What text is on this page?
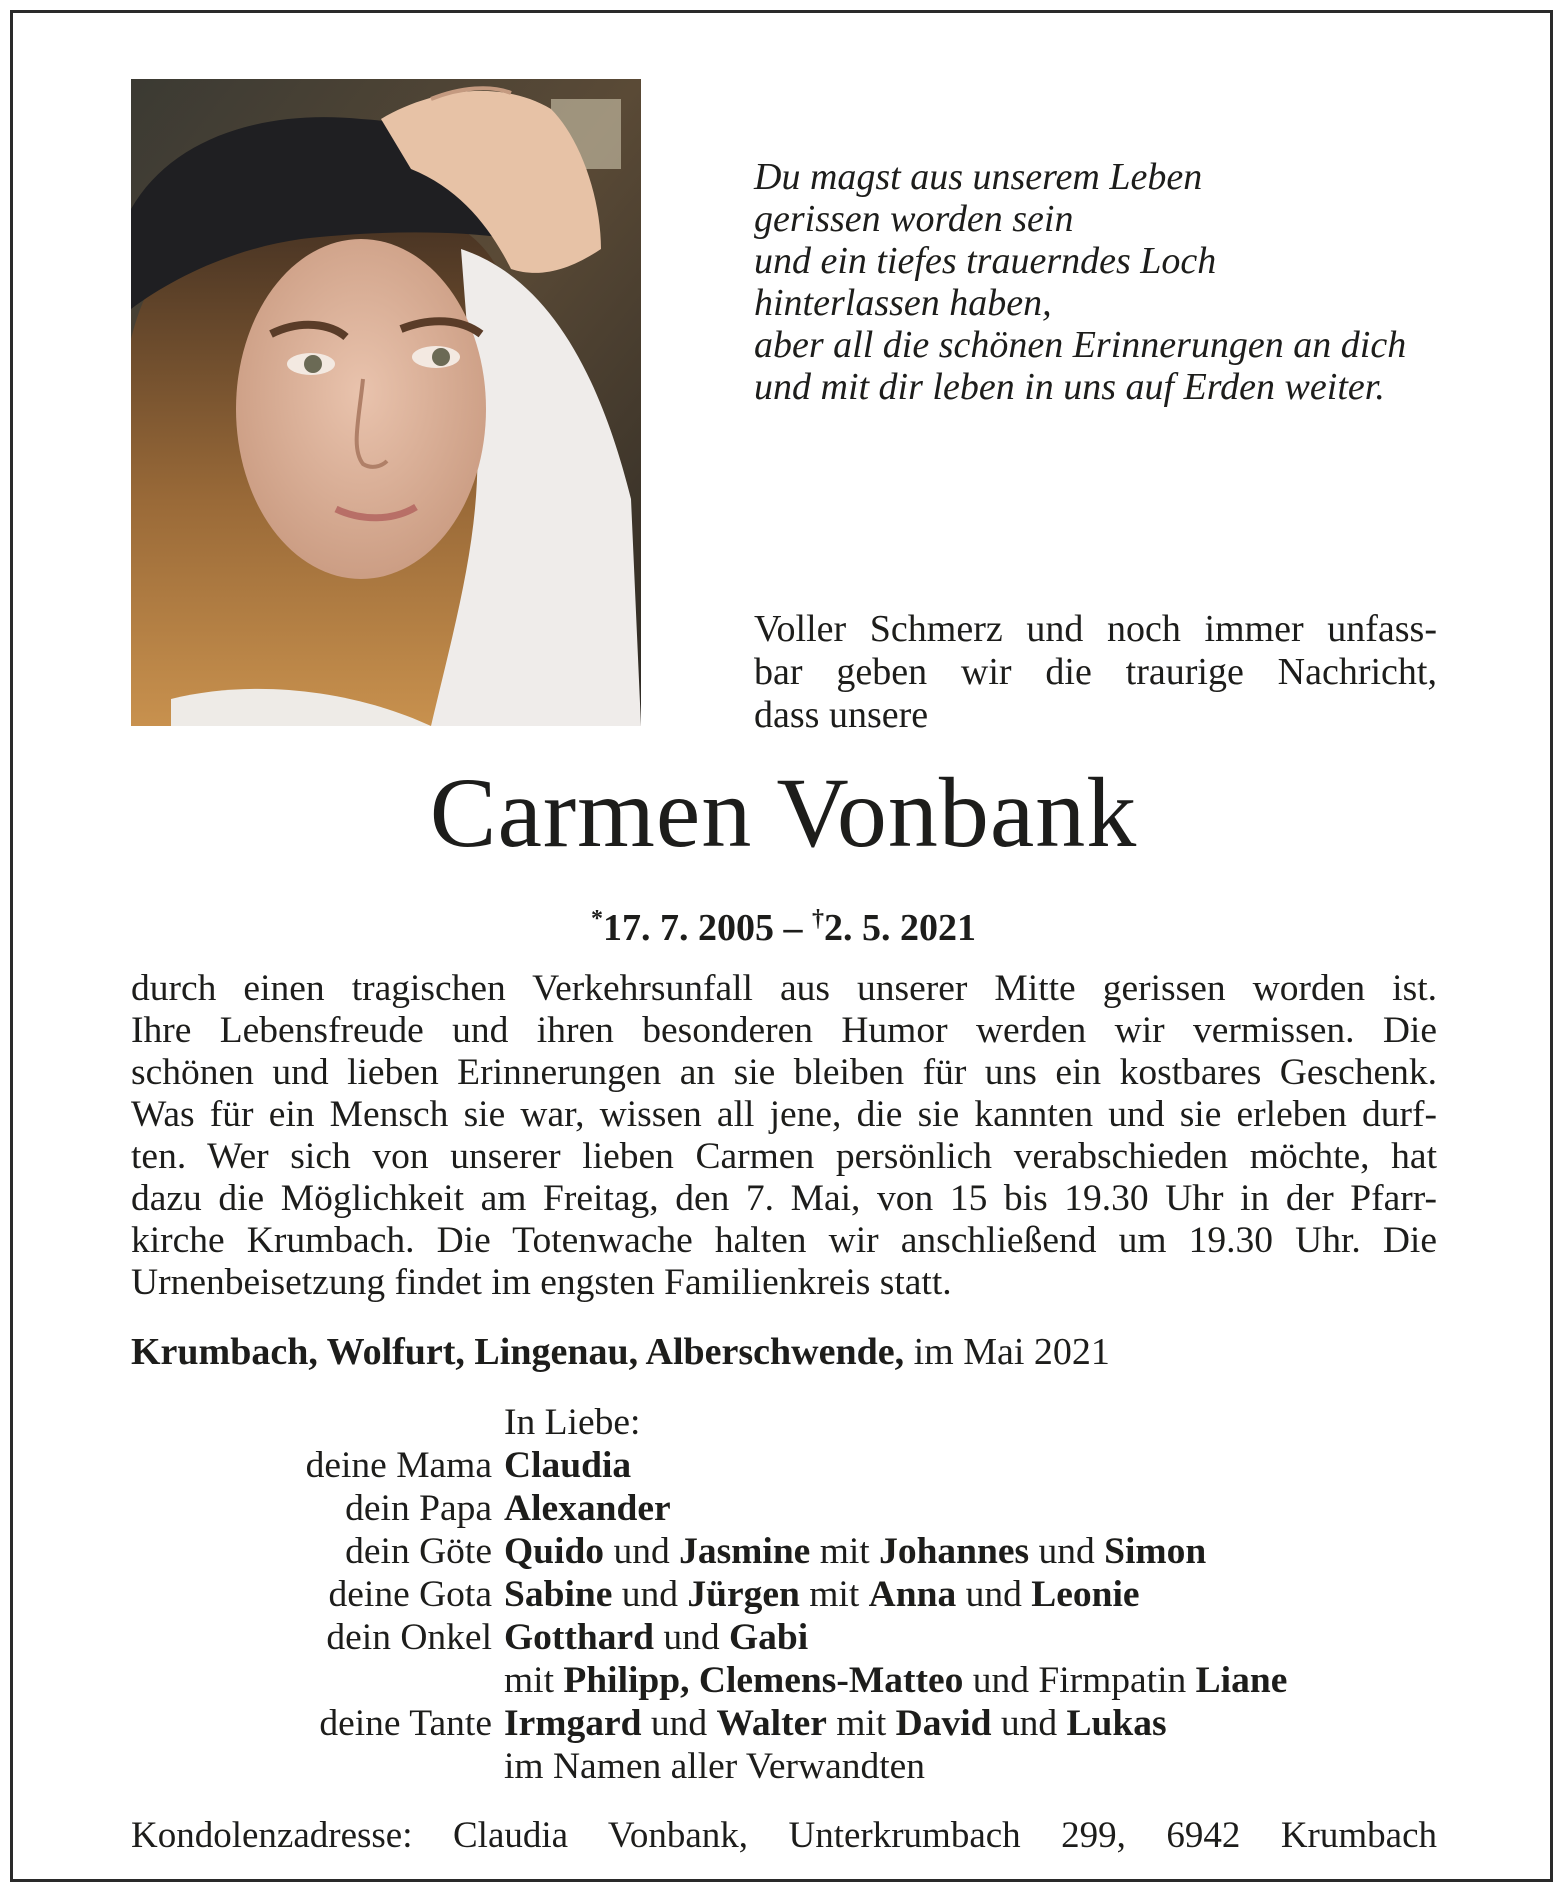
Du magst aus unserem Leben
gerissen worden sein
und ein tiefes trauerndes Loch
hinterlassen haben,
aber all die schönen Erinnerungen an dich
und mit dir leben in uns auf Erden weiter.
Voller Schmerz und noch immer unfass-
bar geben wir die traurige Nachricht,
dass unsere
Carmen Vonbank
*17. 7. 2005 – †2. 5. 2021
durch einen tragischen Verkehrsunfall aus unserer Mitte gerissen worden ist.
Ihre Lebensfreude und ihren besonderen Humor werden wir vermissen. Die
schönen und lieben Erinnerungen an sie bleiben für uns ein kostbares Geschenk.
Was für ein Mensch sie war, wissen all jene, die sie kannten und sie erleben durf-
ten. Wer sich von unserer lieben Carmen persönlich verabschieden möchte, hat
dazu die Möglichkeit am Freitag, den 7. Mai, von 15 bis 19.30 Uhr in der Pfarr-
kirche Krumbach. Die Totenwache halten wir anschließend um 19.30 Uhr. Die
Urnenbeisetzung findet im engsten Familienkreis statt.
Krumbach, Wolfurt, Lingenau, Alberschwende, im Mai 2021
In Liebe:
deine Mama Claudia
dein Papa Alexander
dein Göte Quido und Jasmine mit Johannes und Simon
deine Gota Sabine und Jürgen mit Anna und Leonie
dein Onkel Gotthard und Gabi
mit Philipp, Clemens-Matteo und Firmpatin Liane
deine Tante Irmgard und Walter mit David und Lukas
im Namen aller Verwandten
Kondolenzadresse: Claudia Vonbank, Unterkrumbach 299, 6942 Krumbach
